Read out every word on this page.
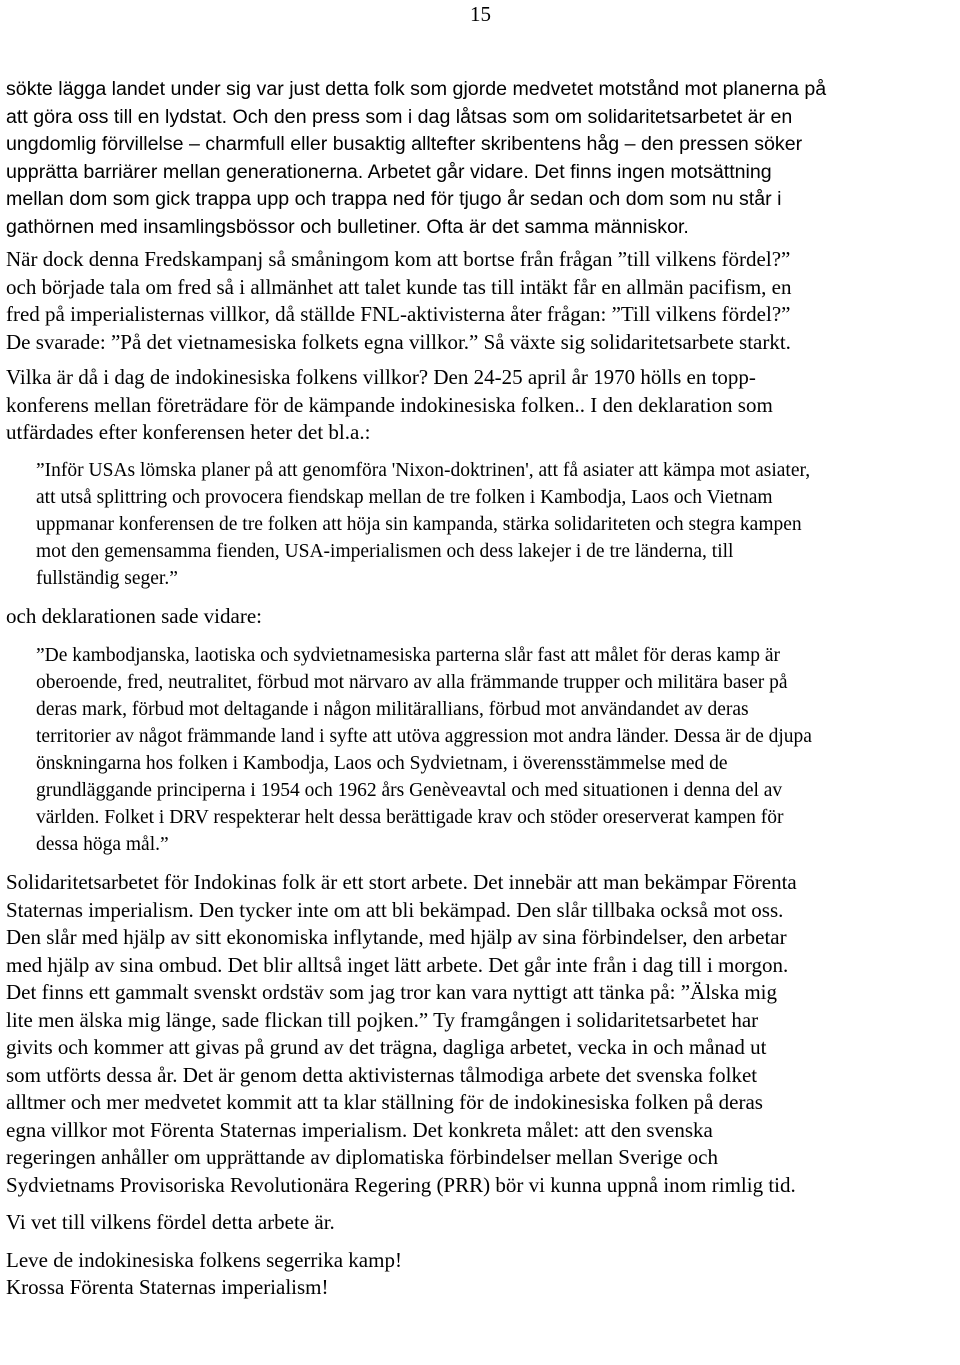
15
sökte lägga landet under sig var just detta folk som gjorde medvetet motstånd mot planerna på
att göra oss till en lydstat. Och den press som i dag låtsas som om solidaritetsarbetet är en
ungdomlig förvillelse – charmfull eller busaktig alltefter skribentens håg – den pressen söker
upprätta barriärer mellan generationerna. Arbetet går vidare. Det finns ingen motsättning
mellan dom som gick trappa upp och trappa ned för tjugo år sedan och dom som nu står i
gathörnen med insamlingsbössor och bulletiner. Ofta är det samma människor.
När dock denna Fredskampanj så småningom kom att bortse från frågan ”till vilkens fördel?”
och började tala om fred så i allmänhet att talet kunde tas till intäkt får en allmän pacifism, en
fred på imperialisternas villkor, då ställde FNL-aktivisterna åter frågan: ”Till vilkens fördel?”
De svarade: ”På det vietnamesiska folkets egna villkor.” Så växte sig solidaritetsarbete starkt.
Vilka är då i dag de indokinesiska folkens villkor? Den 24-25 april år 1970 hölls en topp-
konferens mellan företrädare för de kämpande indokinesiska folken.. I den deklaration som
utfärdades efter konferensen heter det bl.a.:
”Inför USAs lömska planer på att genomföra 'Nixon-doktrinen', att få asiater att kämpa mot asiater,
att utså splittring och provocera fiendskap mellan de tre folken i Kambodja, Laos och Vietnam
uppmanar konferensen de tre folken att höja sin kampanda, stärka solidariteten och stegra kampen
mot den gemensamma fienden, USA-imperialismen och dess lakejer i de tre länderna, till
fullständig seger.”
och deklarationen sade vidare:
”De kambodjanska, laotiska och sydvietnamesiska parterna slår fast att målet för deras kamp är
oberoende, fred, neutralitet, förbud mot närvaro av alla främmande trupper och militära baser på
deras mark, förbud mot deltagande i någon militärallians, förbud mot användandet av deras
territorier av något främmande land i syfte att utöva aggression mot andra länder. Dessa är de djupa
önskningarna hos folken i Kambodja, Laos och Sydvietnam, i överensstämmelse med de
grundläggande principerna i 1954 och 1962 års Genèveavtal och med situationen i denna del av
världen. Folket i DRV respekterar helt dessa berättigade krav och stöder oreserverat kampen för
dessa höga mål.”
Solidaritetsarbetet för Indokinas folk är ett stort arbete. Det innebär att man bekämpar Förenta
Staternas imperialism. Den tycker inte om att bli bekämpad. Den slår tillbaka också mot oss.
Den slår med hjälp av sitt ekonomiska inflytande, med hjälp av sina förbindelser, den arbetar
med hjälp av sina ombud. Det blir alltså inget lätt arbete. Det går inte från i dag till i morgon.
Det finns ett gammalt svenskt ordstäv som jag tror kan vara nyttigt att tänka på: ”Älska mig
lite men älska mig länge, sade flickan till pojken.” Ty framgången i solidaritetsarbetet har
givits och kommer att givas på grund av det trägna, dagliga arbetet, vecka in och månad ut
som utförts dessa år. Det är genom detta aktivisternas tålmodiga arbete det svenska folket
alltmer och mer medvetet kommit att ta klar ställning för de indokinesiska folken på deras
egna villkor mot Förenta Staternas imperialism. Det konkreta målet: att den svenska
regeringen anhåller om upprättande av diplomatiska förbindelser mellan Sverige och
Sydvietnams Provisoriska Revolutionära Regering (PRR) bör vi kunna uppnå inom rimlig tid.
Vi vet till vilkens fördel detta arbete är.
Leve de indokinesiska folkens segerrika kamp!
Krossa Förenta Staternas imperialism!
